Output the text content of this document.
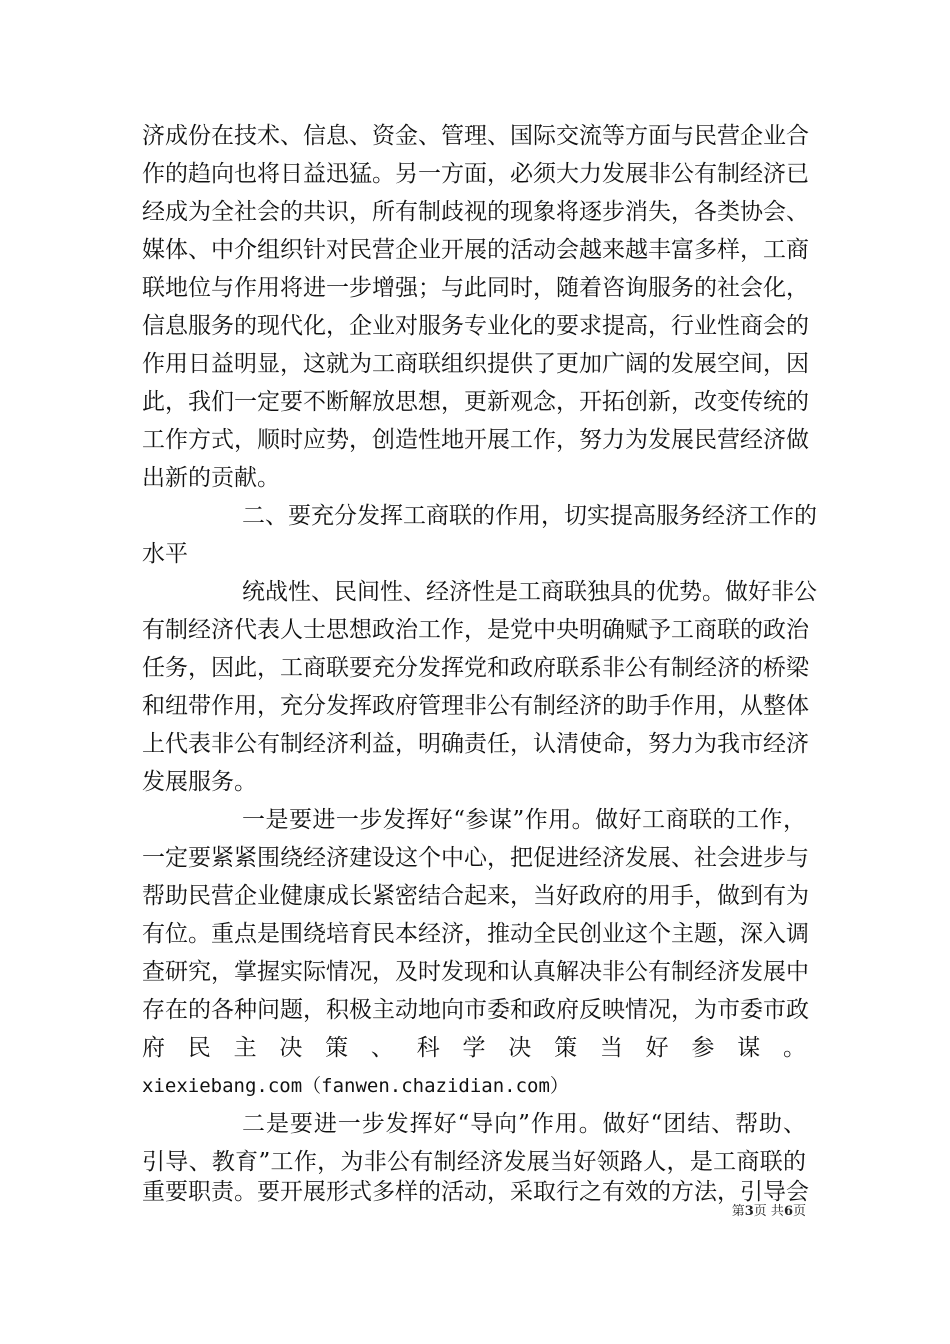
济成份在技术、信息、资金、管理、国际交流等方面与民营企业合
作的趋向也将日益迅猛。另一方面，必须大力发展非公有制经济已
经成为全社会的共识，所有制歧视的现象将逐步消失，各类协会、
媒体、中介组织针对民营企业开展的活动会越来越丰富多样，工商
联地位与作用将进一步增强；与此同时，随着咨询服务的社会化，
信息服务的现代化，企业对服务专业化的要求提高，行业性商会的
作用日益明显，这就为工商联组织提供了更加广阔的发展空间，因
此，我们一定要不断解放思想，更新观念，开拓创新，改变传统的
工作方式，顺时应势，创造性地开展工作，努力为发展民营经济做
出新的贡献。
二、要充分发挥工商联的作用，切实提高服务经济工作的
水平
统战性、民间性、经济性是工商联独具的优势。做好非公
有制经济代表人士思想政治工作，是党中央明确赋予工商联的政治
任务，因此，工商联要充分发挥党和政府联系非公有制经济的桥梁
和纽带作用，充分发挥政府管理非公有制经济的助手作用，从整体
上代表非公有制经济利益，明确责任，认清使命，努力为我市经济
发展服务。
一是要进一步发挥好“参谋”作用。做好工商联的工作，
一定要紧紧围绕经济建设这个中心，把促进经济发展、社会进步与
帮助民营企业健康成长紧密结合起来，当好政府的用手，做到有为
有位。重点是围绕培育民本经济，推动全民创业这个主题，深入调
查研究，掌握实际情况，及时发现和认真解决非公有制经济发展中
存在的各种问题，积极主动地向市委和政府反映情况，为市委市政
府 民 主 决 策 、 科 学 决 策 当 好 参 谋 。
xiexiebang.com（fanwen.chazidian.com）
二是要进一步发挥好“导向”作用。做好“团结、帮助、
引导、教育”工作，为非公有制经济发展当好领路人，是工商联的
重要职责。要开展形式多样的活动，采取行之有效的方法，引导会
第3页 共6页
